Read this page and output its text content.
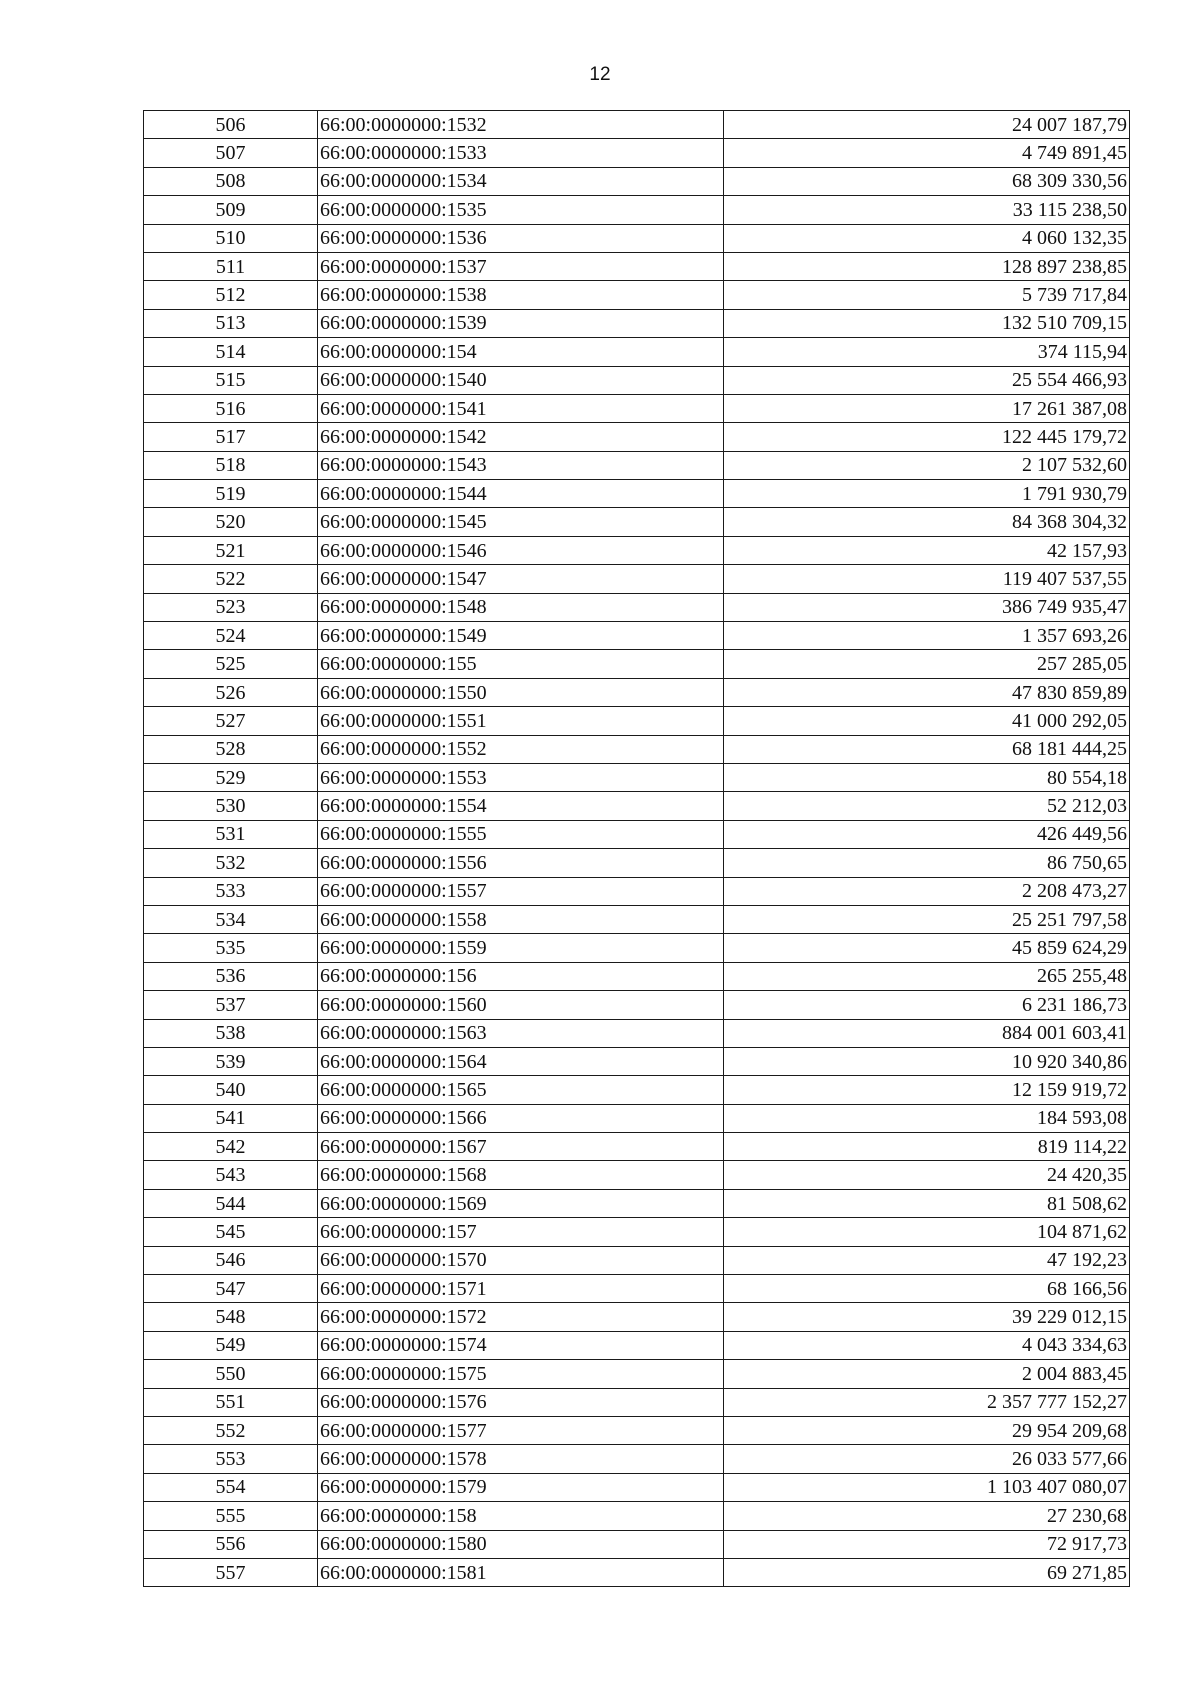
12
506	66:00:0000000:1532	24 007 187,79
507	66:00:0000000:1533	4 749 891,45
508	66:00:0000000:1534	68 309 330,56
509	66:00:0000000:1535	33 115 238,50
510	66:00:0000000:1536	4 060 132,35
511	66:00:0000000:1537	128 897 238,85
512	66:00:0000000:1538	5 739 717,84
513	66:00:0000000:1539	132 510 709,15
514	66:00:0000000:154	374 115,94
515	66:00:0000000:1540	25 554 466,93
516	66:00:0000000:1541	17 261 387,08
517	66:00:0000000:1542	122 445 179,72
518	66:00:0000000:1543	2 107 532,60
519	66:00:0000000:1544	1 791 930,79
520	66:00:0000000:1545	84 368 304,32
521	66:00:0000000:1546	42 157,93
522	66:00:0000000:1547	119 407 537,55
523	66:00:0000000:1548	386 749 935,47
524	66:00:0000000:1549	1 357 693,26
525	66:00:0000000:155	257 285,05
526	66:00:0000000:1550	47 830 859,89
527	66:00:0000000:1551	41 000 292,05
528	66:00:0000000:1552	68 181 444,25
529	66:00:0000000:1553	80 554,18
530	66:00:0000000:1554	52 212,03
531	66:00:0000000:1555	426 449,56
532	66:00:0000000:1556	86 750,65
533	66:00:0000000:1557	2 208 473,27
534	66:00:0000000:1558	25 251 797,58
535	66:00:0000000:1559	45 859 624,29
536	66:00:0000000:156	265 255,48
537	66:00:0000000:1560	6 231 186,73
538	66:00:0000000:1563	884 001 603,41
539	66:00:0000000:1564	10 920 340,86
540	66:00:0000000:1565	12 159 919,72
541	66:00:0000000:1566	184 593,08
542	66:00:0000000:1567	819 114,22
543	66:00:0000000:1568	24 420,35
544	66:00:0000000:1569	81 508,62
545	66:00:0000000:157	104 871,62
546	66:00:0000000:1570	47 192,23
547	66:00:0000000:1571	68 166,56
548	66:00:0000000:1572	39 229 012,15
549	66:00:0000000:1574	4 043 334,63
550	66:00:0000000:1575	2 004 883,45
551	66:00:0000000:1576	2 357 777 152,27
552	66:00:0000000:1577	29 954 209,68
553	66:00:0000000:1578	26 033 577,66
554	66:00:0000000:1579	1 103 407 080,07
555	66:00:0000000:158	27 230,68
556	66:00:0000000:1580	72 917,73
557	66:00:0000000:1581	69 271,85
